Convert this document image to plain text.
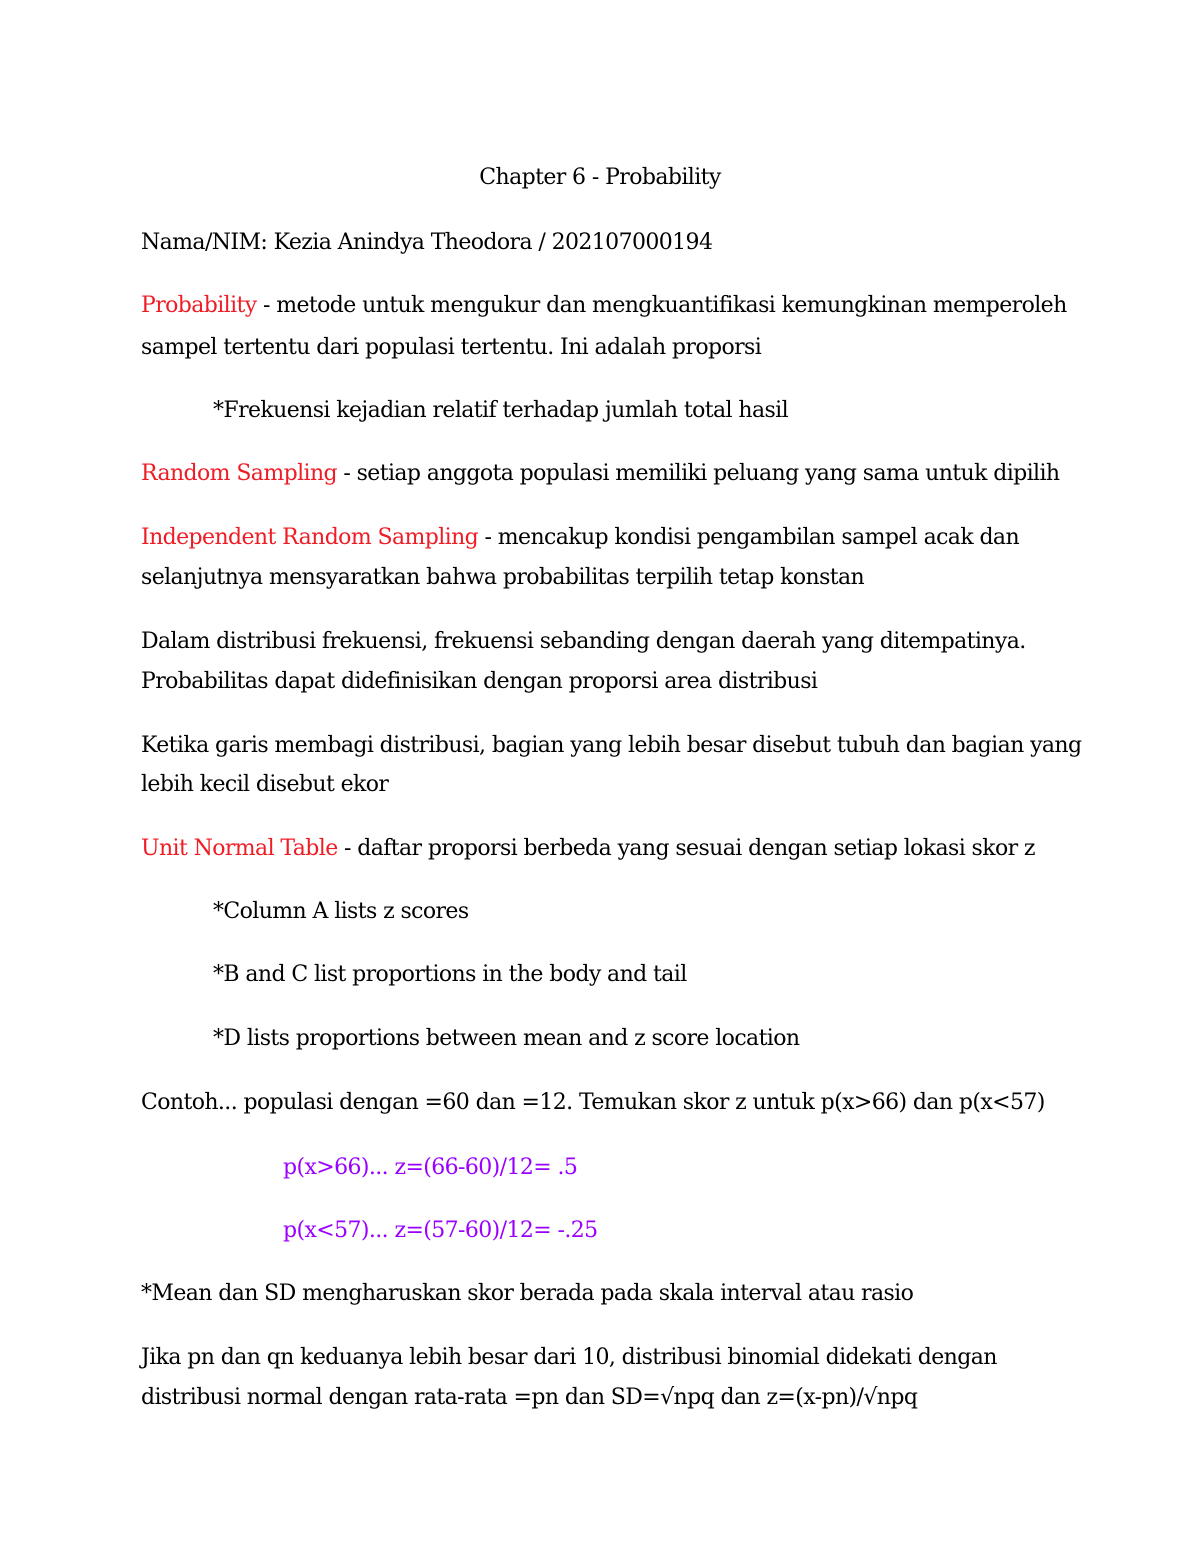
Chapter 6 - Probability
Nama/NIM: Kezia Anindya Theodora / 202107000194
Probability - metode untuk mengukur dan mengkuantifikasi kemungkinan memperoleh
sampel tertentu dari populasi tertentu. Ini adalah proporsi
*Frekuensi kejadian relatif terhadap jumlah total hasil
Random Sampling - setiap anggota populasi memiliki peluang yang sama untuk dipilih
Independent Random Sampling - mencakup kondisi pengambilan sampel acak dan
selanjutnya mensyaratkan bahwa probabilitas terpilih tetap konstan
Dalam distribusi frekuensi, frekuensi sebanding dengan daerah yang ditempatinya.
Probabilitas dapat didefinisikan dengan proporsi area distribusi
Ketika garis membagi distribusi, bagian yang lebih besar disebut tubuh dan bagian yang
lebih kecil disebut ekor
Unit Normal Table - daftar proporsi berbeda yang sesuai dengan setiap lokasi skor z
*Column A lists z scores
*B and C list proportions in the body and tail
*D lists proportions between mean and z score location
Contoh... populasi dengan =60 dan =12. Temukan skor z untuk p(x>66) dan p(x<57)
p(x>66)... z=(66-60)/12= .5
p(x<57)... z=(57-60)/12= -.25
*Mean dan SD mengharuskan skor berada pada skala interval atau rasio
Jika pn dan qn keduanya lebih besar dari 10, distribusi binomial didekati dengan
distribusi normal dengan rata-rata =pn dan SD=√npq dan z=(x-pn)/√npq
